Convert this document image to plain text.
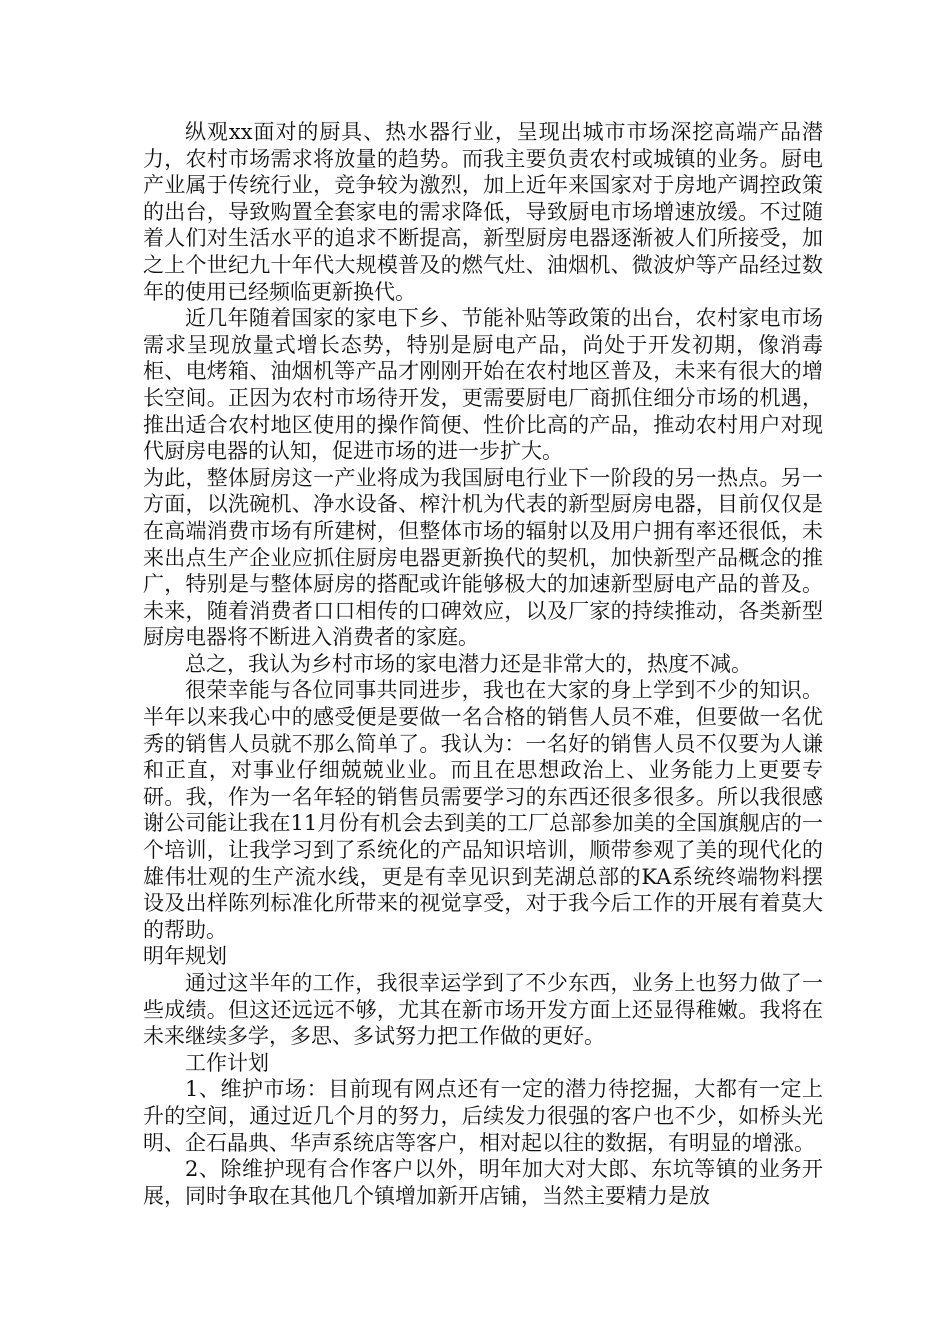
纵观xx面对的厨具、热水器行业，呈现出城市市场深挖高端产品潜力，农村市场需求将放量的趋势。而我主要负责农村或城镇的业务。厨电产业属于传统行业，竞争较为激烈，加上近年来国家对于房地产调控政策的出台，导致购置全套家电的需求降低，导致厨电市场增速放缓。不过随着人们对生活水平的追求不断提高，新型厨房电器逐渐被人们所接受，加之上个世纪九十年代大规模普及的燃气灶、油烟机、微波炉等产品经过数年的使用已经频临更新换代。

近几年随着国家的家电下乡、节能补贴等政策的出台，农村家电市场需求呈现放量式增长态势，特别是厨电产品，尚处于开发初期，像消毒柜、电烤箱、油烟机等产品才刚刚开始在农村地区普及，未来有很大的增长空间。正因为农村市场待开发，更需要厨电厂商抓住细分市场的机遇，推出适合农村地区使用的操作简便、性价比高的产品，推动农村用户对现代厨房电器的认知，促进市场的进一步扩大。

为此，整体厨房这一产业将成为我国厨电行业下一阶段的另一热点。另一方面，以洗碗机、净水设备、榨汁机为代表的新型厨房电器，目前仅仅是在高端消费市场有所建树，但整体市场的辐射以及用户拥有率还很低，未来出点生产企业应抓住厨房电器更新换代的契机，加快新型产品概念的推广，特别是与整体厨房的搭配或许能够极大的加速新型厨电产品的普及。未来，随着消费者口口相传的口碑效应，以及厂家的持续推动，各类新型厨房电器将不断进入消费者的家庭。

总之，我认为乡村市场的家电潜力还是非常大的，热度不减。

很荣幸能与各位同事共同进步，我也在大家的身上学到不少的知识。半年以来我心中的感受便是要做一名合格的销售人员不难，但要做一名优秀的销售人员就不那么简单了。我认为：一名好的销售人员不仅要为人谦和正直，对事业仔细兢兢业业。而且在思想政治上、业务能力上更要专研。我，作为一名年轻的销售员需要学习的东西还很多很多。所以我很感谢公司能让我在11月份有机会去到美的工厂总部参加美的全国旗舰店的一个培训，让我学习到了系统化的产品知识培训，顺带参观了美的现代化的雄伟壮观的生产流水线，更是有幸见识到芜湖总部的KA系统终端物料摆设及出样陈列标准化所带来的视觉享受，对于我今后工作的开展有着莫大的帮助。

明年规划

通过这半年的工作，我很幸运学到了不少东西，业务上也努力做了一些成绩。但这还远远不够，尤其在新市场开发方面上还显得稚嫩。我将在未来继续多学，多思、多试努力把工作做的更好。

工作计划

1、维护市场：目前现有网点还有一定的潜力待挖掘，大都有一定上升的空间，通过近几个月的努力，后续发力很强的客户也不少，如桥头光明、企石晶典、华声系统店等客户，相对起以往的数据，有明显的增涨。

2、除维护现有合作客户以外，明年加大对大郎、东坑等镇的业务开展，同时争取在其他几个镇增加新开店铺，当然主要精力是放
